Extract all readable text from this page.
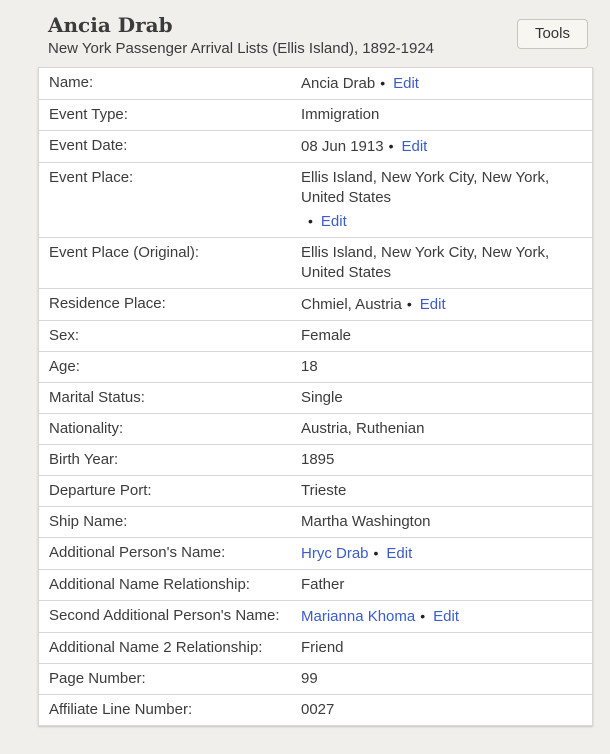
Ancia Drab
New York Passenger Arrival Lists (Ellis Island), 1892-1924
Tools
Name:	Ancia Drab • Edit
Event Type:	Immigration
Event Date:	08 Jun 1913 • Edit
Event Place:	Ellis Island, New York City, New York, United States
• Edit
Event Place (Original):	Ellis Island, New York City, New York, United States
Residence Place:	Chmiel, Austria • Edit
Sex:	Female
Age:	18
Marital Status:	Single
Nationality:	Austria, Ruthenian
Birth Year:	1895
Departure Port:	Trieste
Ship Name:	Martha Washington
Additional Person's Name:	Hryc Drab • Edit
Additional Name Relationship:	Father
Second Additional Person's Name:	Marianna Khoma • Edit
Additional Name 2 Relationship:	Friend
Page Number:	99
Affiliate Line Number:	0027
